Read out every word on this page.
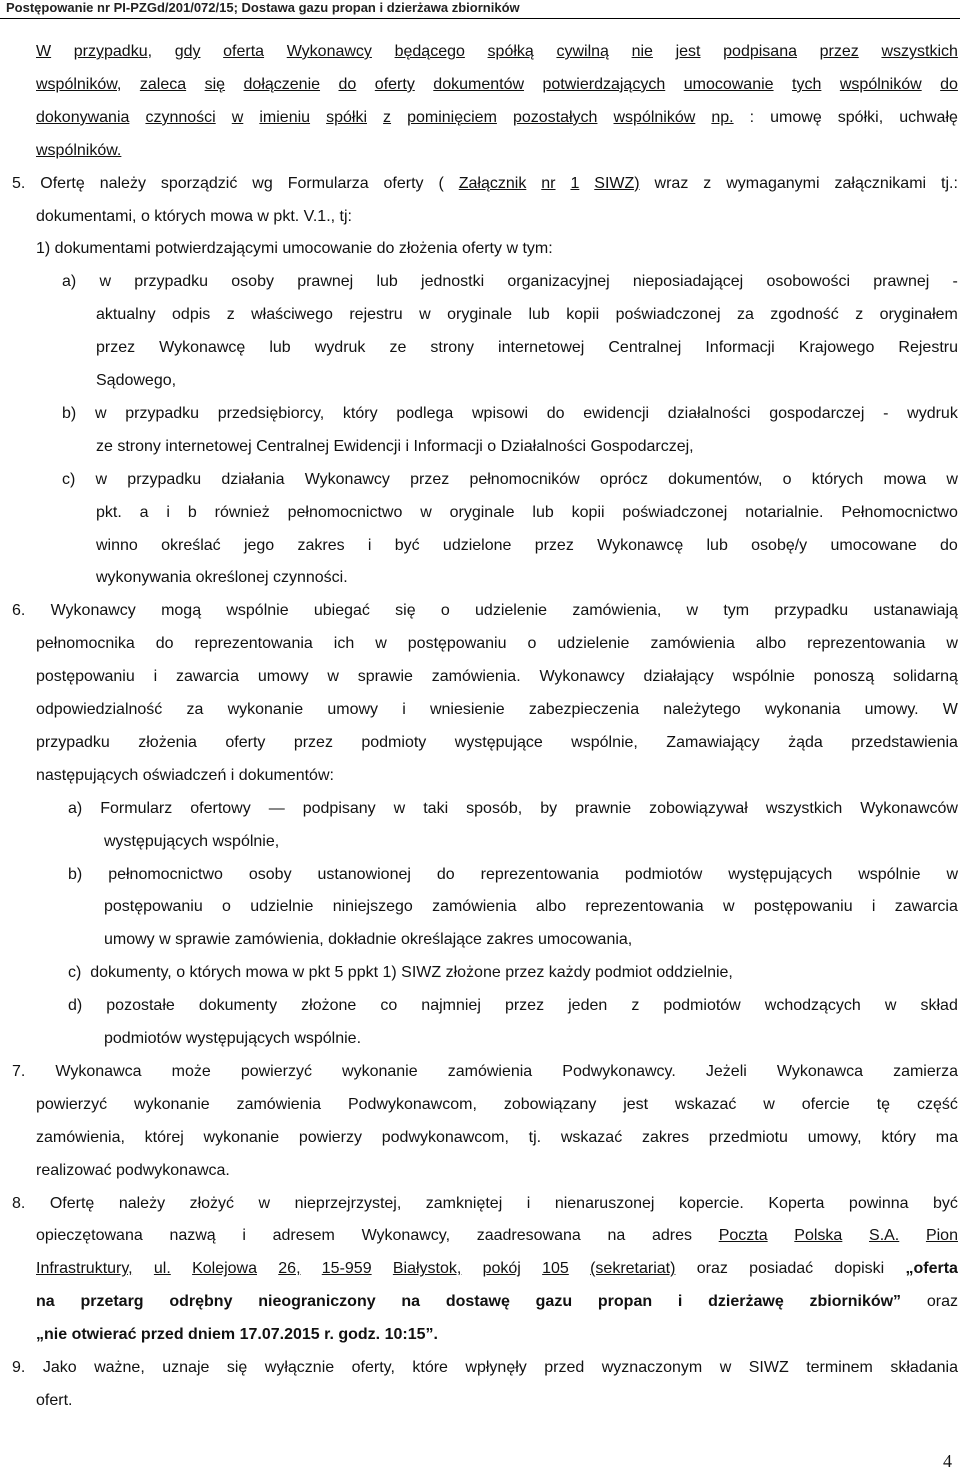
Postępowanie nr PI-PZGd/201/072/15; Dostawa gazu propan i dzierżawa zbiorników
W przypadku, gdy oferta Wykonawcy będącego spółką cywilną nie jest podpisana przez wszystkich
wspólników, zaleca się dołączenie do oferty dokumentów potwierdzających umocowanie tych wspólników do
dokonywania czynności w imieniu spółki z pominięciem pozostałych wspólników np. : umowę spółki, uchwałę
wspólników.
5. Ofertę należy sporządzić wg Formularza oferty ( Załącznik nr 1 SIWZ) wraz z wymaganymi załącznikami tj.:
dokumentami, o których mowa w pkt. V.1., tj:
1) dokumentami potwierdzającymi umocowanie do złożenia oferty w tym:
a) w przypadku osoby prawnej lub jednostki organizacyjnej nieposiadającej osobowości prawnej -
aktualny odpis z właściwego rejestru w oryginale lub kopii poświadczonej za zgodność z oryginałem
przez Wykonawcę lub wydruk ze strony internetowej Centralnej Informacji Krajowego Rejestru
Sądowego,
b) w przypadku przedsiębiorcy, który podlega wpisowi do ewidencji działalności gospodarczej - wydruk
ze strony internetowej Centralnej Ewidencji i Informacji o Działalności Gospodarczej,
c) w przypadku działania Wykonawcy przez pełnomocników oprócz dokumentów, o których mowa w
pkt. a i b również pełnomocnictwo w oryginale lub kopii poświadczonej notarialnie. Pełnomocnictwo
winno określać jego zakres i być udzielone przez Wykonawcę lub osobę/y umocowane do
wykonywania określonej czynności.
6. Wykonawcy mogą wspólnie ubiegać się o udzielenie zamówienia, w tym przypadku ustanawiają
pełnomocnika do reprezentowania ich w postępowaniu o udzielenie zamówienia albo reprezentowania w
postępowaniu i zawarcia umowy w sprawie zamówienia. Wykonawcy działający wspólnie ponoszą solidarną
odpowiedzialność za wykonanie umowy i wniesienie zabezpieczenia należytego wykonania umowy. W
przypadku złożenia oferty przez podmioty występujące wspólnie, Zamawiający żąda przedstawienia
następujących oświadczeń i dokumentów:
a) Formularz ofertowy — podpisany w taki sposób, by prawnie zobowiązywał wszystkich Wykonawców
występujących wspólnie,
b) pełnomocnictwo osoby ustanowionej do reprezentowania podmiotów występujących wspólnie w
postępowaniu o udzielnie niniejszego zamówienia albo reprezentowania w postępowaniu i zawarcia
umowy w sprawie zamówienia, dokładnie określające zakres umocowania,
c)  dokumenty, o których mowa w pkt 5 ppkt 1) SIWZ złożone przez każdy podmiot oddzielnie,
d) pozostałe dokumenty złożone co najmniej przez jeden z podmiotów wchodzących w skład
podmiotów występujących wspólnie.
7. Wykonawca może powierzyć wykonanie zamówienia Podwykonawcy. Jeżeli Wykonawca zamierza
powierzyć wykonanie zamówienia Podwykonawcom, zobowiązany jest wskazać w ofercie tę część
zamówienia, której wykonanie powierzy podwykonawcom, tj. wskazać zakres przedmiotu umowy, który ma
realizować podwykonawca.
8. Ofertę należy złożyć w nieprzejrzystej, zamkniętej i nienaruszonej kopercie. Koperta powinna być
opieczętowana nazwą i adresem Wykonawcy, zaadresowana na adres Poczta Polska S.A. Pion
Infrastruktury, ul. Kolejowa 26, 15-959 Białystok, pokój 105 (sekretariat) oraz posiadać dopiski „oferta
na przetarg odrębny nieograniczony na dostawę gazu propan i dzierżawę zbiorników” oraz
„nie otwierać przed dniem 17.07.2015 r. godz. 10:15”.
9. Jako ważne, uznaje się wyłącznie oferty, które wpłynęły przed wyznaczonym w SIWZ terminem składania
ofert.
4
